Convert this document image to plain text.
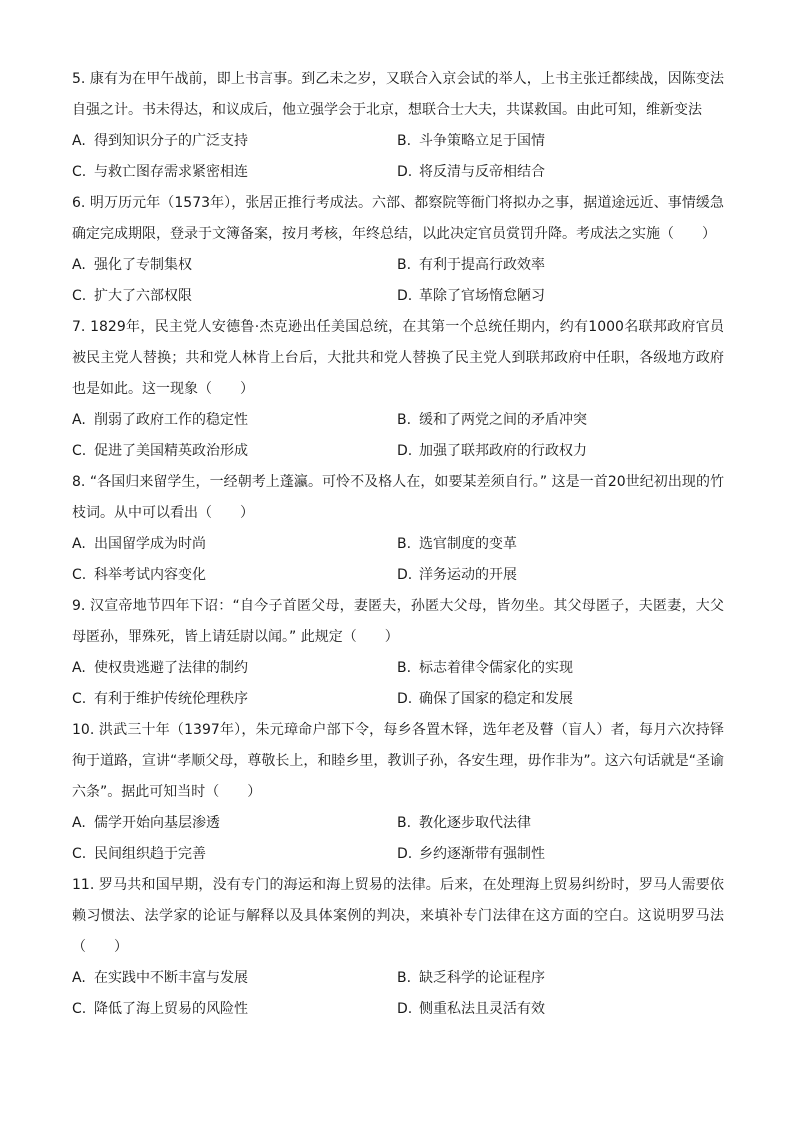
5. 康有为在甲午战前，即上书言事。到乙未之岁，又联合入京会试的举人，上书主张迁都续战，因陈变法自强之计。书未得达，和议成后，他立强学会于北京，想联合士大夫，共谋救国。由此可知，维新变法

A. 得到知识分子的广泛支持	B. 斗争策略立足于国情
C. 与救亡图存需求紧密相连	D. 将反清与反帝相结合

6. 明万历元年（1573年），张居正推行考成法。六部、都察院等衙门将拟办之事，据道途远近、事情缓急确定完成期限，登录于文簿备案，按月考核，年终总结，以此决定官员赏罚升降。考成法之实施（　　）

A. 强化了专制集权	B. 有利于提高行政效率
C. 扩大了六部权限	D. 革除了官场惰怠陋习

7. 1829年，民主党人安德鲁·杰克逊出任美国总统，在其第一个总统任期内，约有1000名联邦政府官员被民主党人替换；共和党人林肯上台后，大批共和党人替换了民主党人到联邦政府中任职，各级地方政府也是如此。这一现象（　　）

A. 削弱了政府工作的稳定性	B. 缓和了两党之间的矛盾冲突
C. 促进了美国精英政治形成	D. 加强了联邦政府的行政权力

8. “各国归来留学生，一经朝考上蓬瀛。可怜不及格人在，如要某差须自行。” 这是一首20世纪初出现的竹枝词。从中可以看出（　　）

A. 出国留学成为时尚	B. 选官制度的变革
C. 科举考试内容变化	D. 洋务运动的开展

9. 汉宣帝地节四年下诏：“自今子首匿父母，妻匿夫，孙匿大父母，皆勿坐。其父母匿子，夫匿妻，大父母匿孙，罪殊死，皆上请廷尉以闻。” 此规定（　　）

A. 使权贵逃避了法律的制约	B. 标志着律令儒家化的实现
C. 有利于维护传统伦理秩序	D. 确保了国家的稳定和发展

10. 洪武三十年（1397年），朱元璋命户部下令，每乡各置木铎，选年老及瞽（盲人）者，每月六次持铎徇于道路，宣讲“孝顺父母，尊敬长上，和睦乡里，教训子孙，各安生理，毋作非为”。这六句话就是“圣谕六条”。据此可知当时（　　）

A. 儒学开始向基层渗透	B. 教化逐步取代法律
C. 民间组织趋于完善	D. 乡约逐渐带有强制性

11. 罗马共和国早期，没有专门的海运和海上贸易的法律。后来，在处理海上贸易纠纷时，罗马人需要依赖习惯法、法学家的论证与解释以及具体案例的判决，来填补专门法律在这方面的空白。这说明罗马法（　　）

A. 在实践中不断丰富与发展	B. 缺乏科学的论证程序
C. 降低了海上贸易的风险性	D. 侧重私法且灵活有效
